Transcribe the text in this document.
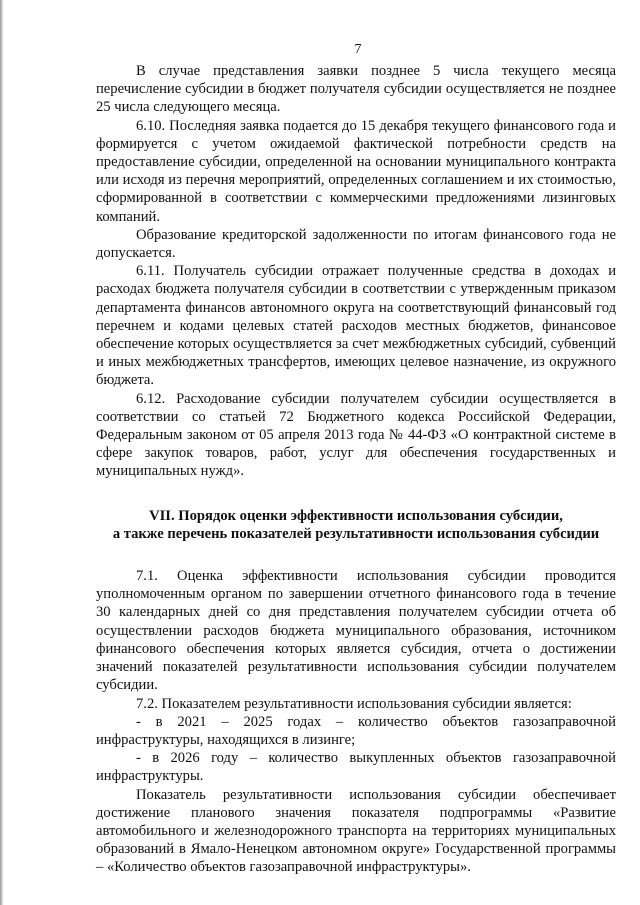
7

В случае представления заявки позднее 5 числа текущего месяца перечисление субсидии в бюджет получателя субсидии осуществляется не позднее 25 числа следующего месяца.

6.10. Последняя заявка подается до 15 декабря текущего финансового года и формируется с учетом ожидаемой фактической потребности средств на предоставление субсидии, определенной на основании муниципального контракта или исходя из перечня мероприятий, определенных соглашением и их стоимостью, сформированной в соответствии с коммерческими предложениями лизинговых компаний.

Образование кредиторской задолженности по итогам финансового года не допускается.

6.11. Получатель субсидии отражает полученные средства в доходах и расходах бюджета получателя субсидии в соответствии с утвержденным приказом департамента финансов автономного округа на соответствующий финансовый год перечнем и кодами целевых статей расходов местных бюджетов, финансовое обеспечение которых осуществляется за счет межбюджетных субсидий, субвенций и иных межбюджетных трансфертов, имеющих целевое назначение, из окружного бюджета.

6.12. Расходование субсидии получателем субсидии осуществляется в соответствии со статьей 72 Бюджетного кодекса Российской Федерации, Федеральным законом от 05 апреля 2013 года № 44-ФЗ «О контрактной системе в сфере закупок товаров, работ, услуг для обеспечения государственных и муниципальных нужд».

VII. Порядок оценки эффективности использования субсидии,
а также перечень показателей результативности использования субсидии

7.1. Оценка эффективности использования субсидии проводится уполномоченным органом по завершении отчетного финансового года в течение 30 календарных дней со дня представления получателем субсидии отчета об осуществлении расходов бюджета муниципального образования, источником финансового обеспечения которых является субсидия, отчета о достижении значений показателей результативности использования субсидии получателем субсидии.

7.2. Показателем результативности использования субсидии является:

- в 2021 – 2025 годах – количество объектов газозаправочной инфраструктуры, находящихся в лизинге;

- в 2026 году – количество выкупленных объектов газозаправочной инфраструктуры.

Показатель результативности использования субсидии обеспечивает достижение планового значения показателя подпрограммы «Развитие автомобильного и железнодорожного транспорта на территориях муниципальных образований в Ямало-Ненецком автономном округе» Государственной программы – «Количество объектов газозаправочной инфраструктуры».
